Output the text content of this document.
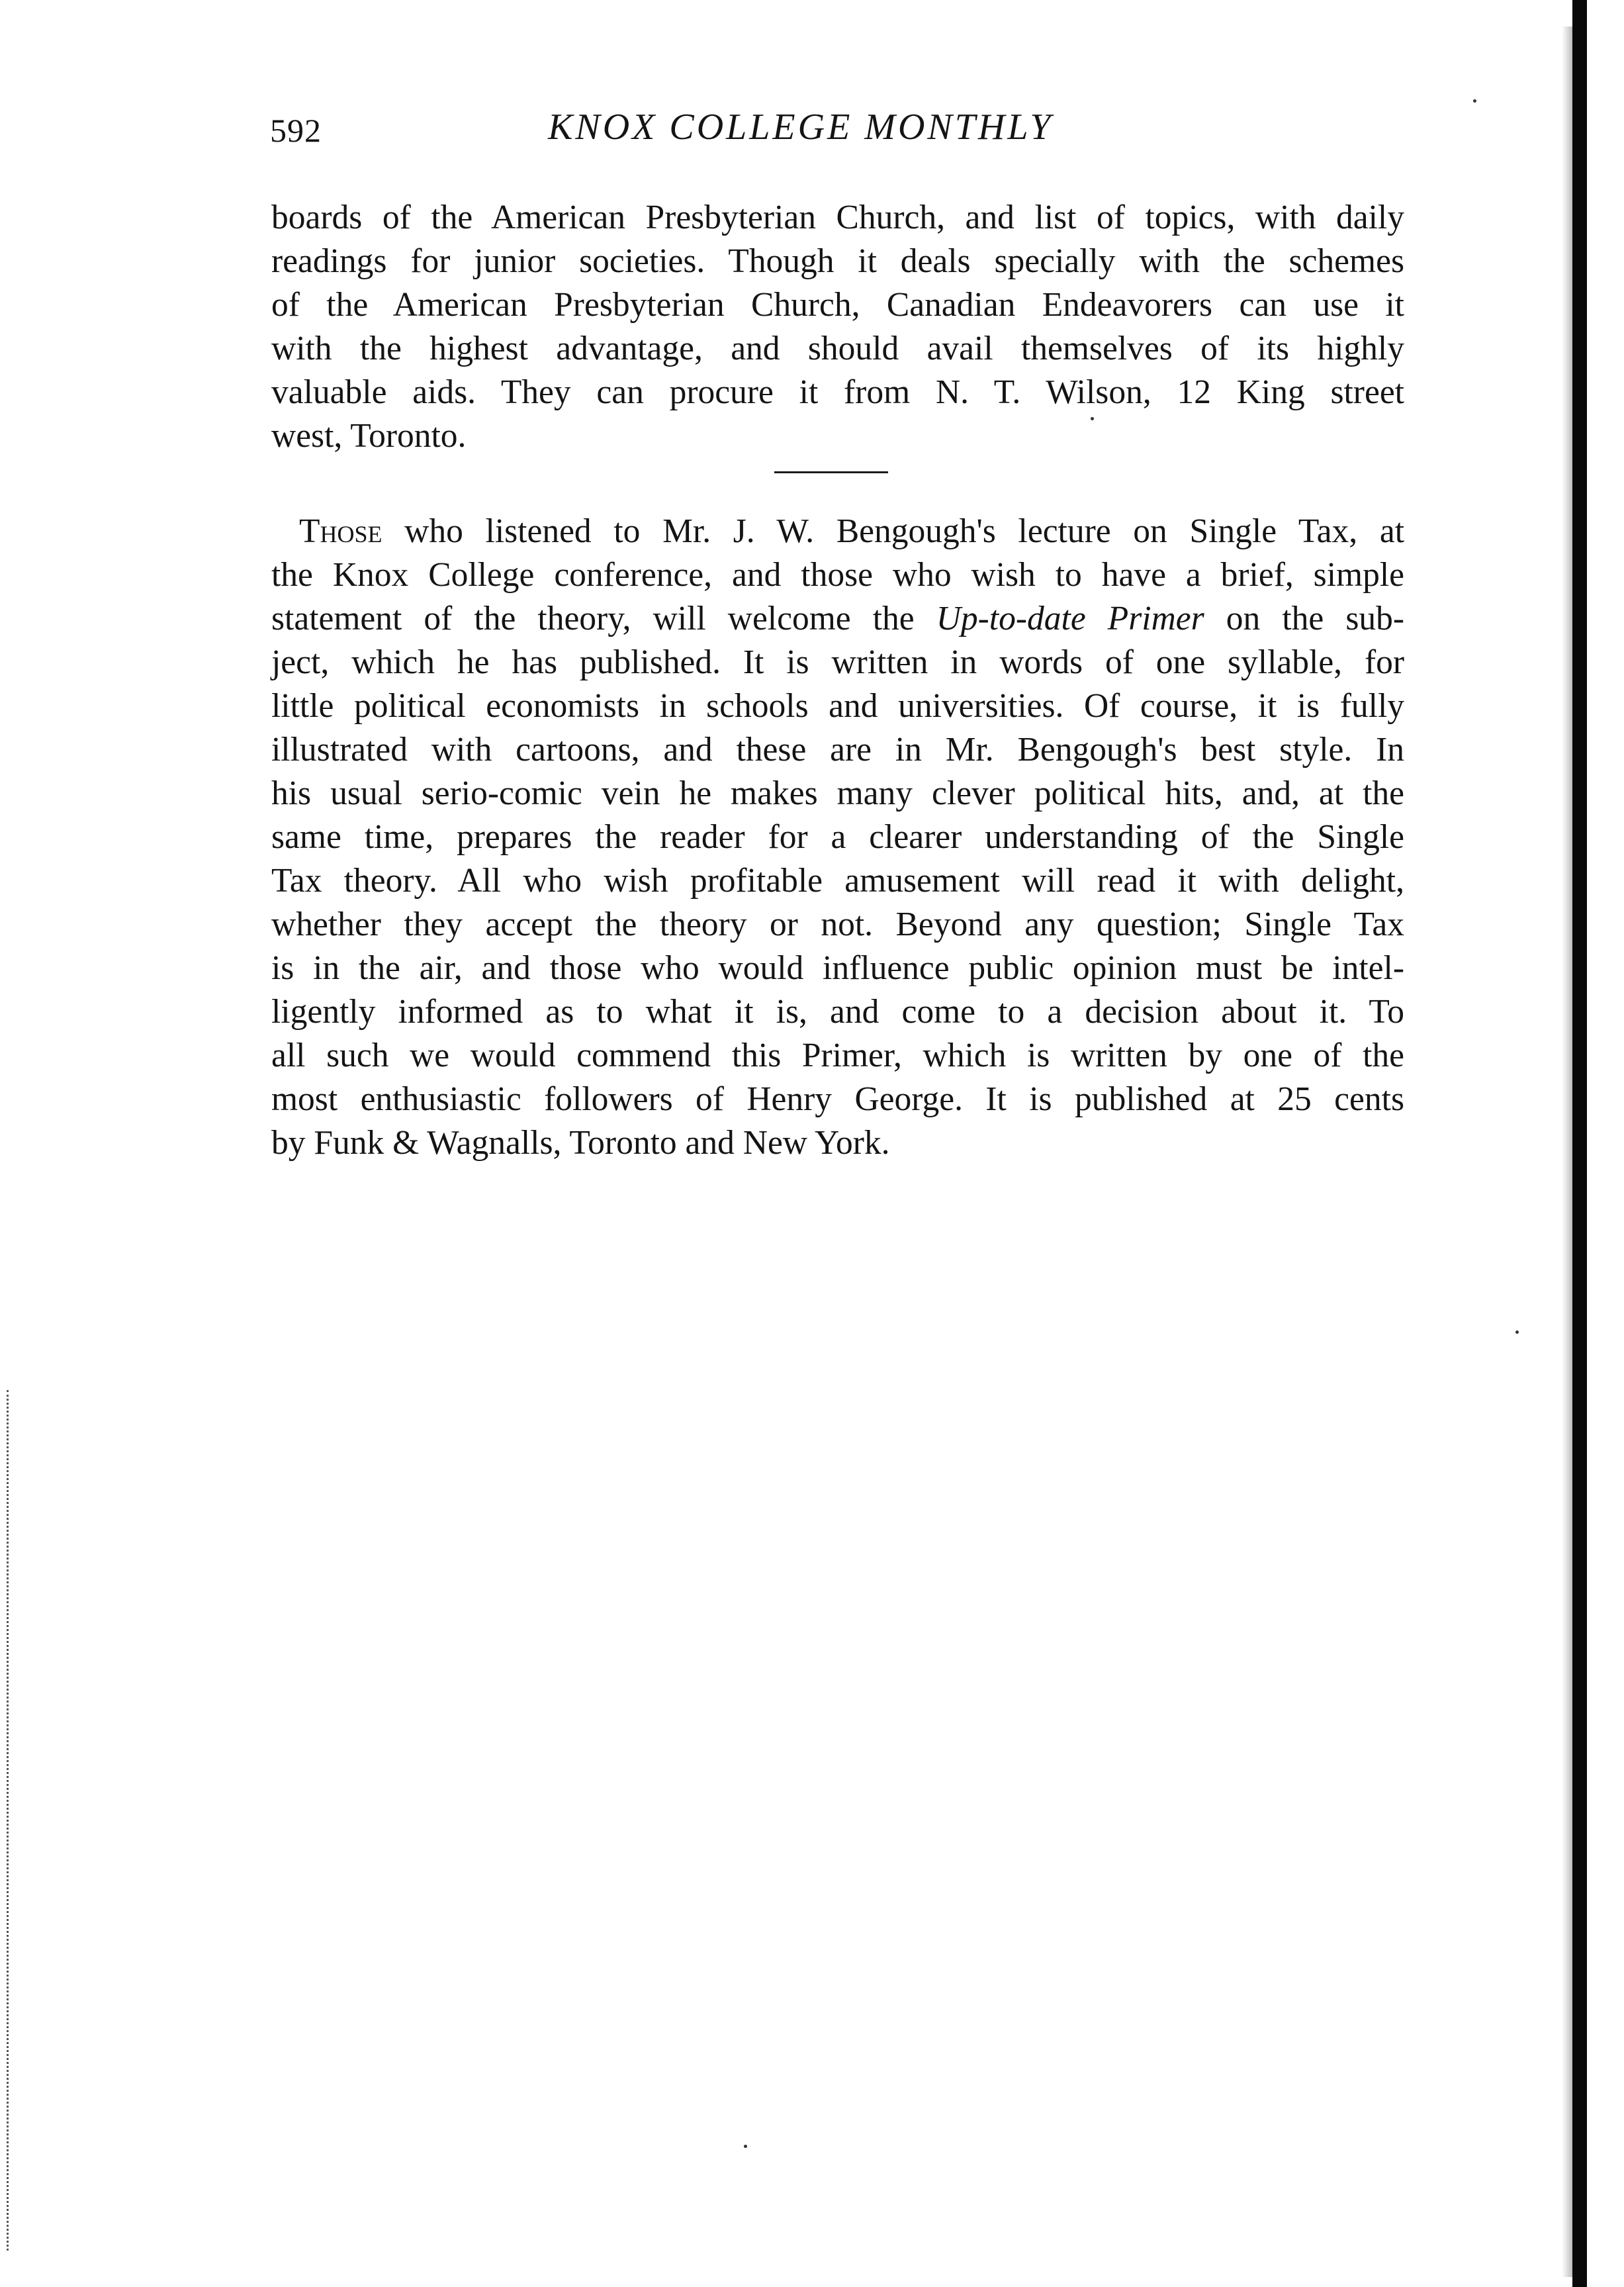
592	KNOX COLLEGE MONTHLY
boards of the American Presbyterian Church, and list of topics, with daily
readings for junior societies. Though it deals specially with the schemes
of the American Presbyterian Church, Canadian Endeavorers can use it
with the highest advantage, and should avail themselves of its highly
valuable aids. They can procure it from N. T. Wilson, 12 King street
west, Toronto.
Those who listened to Mr. J. W. Bengough's lecture on Single Tax, at
the Knox College conference, and those who wish to have a brief, simple
statement of the theory, will welcome the Up-to-date Primer on the sub-
ject, which he has published. It is written in words of one syllable, for
little political economists in schools and universities. Of course, it is fully
illustrated with cartoons, and these are in Mr. Bengough's best style. In
his usual serio-comic vein he makes many clever political hits, and, at the
same time, prepares the reader for a clearer understanding of the Single
Tax theory. All who wish profitable amusement will read it with delight,
whether they accept the theory or not. Beyond any question; Single Tax
is in the air, and those who would influence public opinion must be intel-
ligently informed as to what it is, and come to a decision about it. To
all such we would commend this Primer, which is written by one of the
most enthusiastic followers of Henry George. It is published at 25 cents
by Funk & Wagnalls, Toronto and New York.
